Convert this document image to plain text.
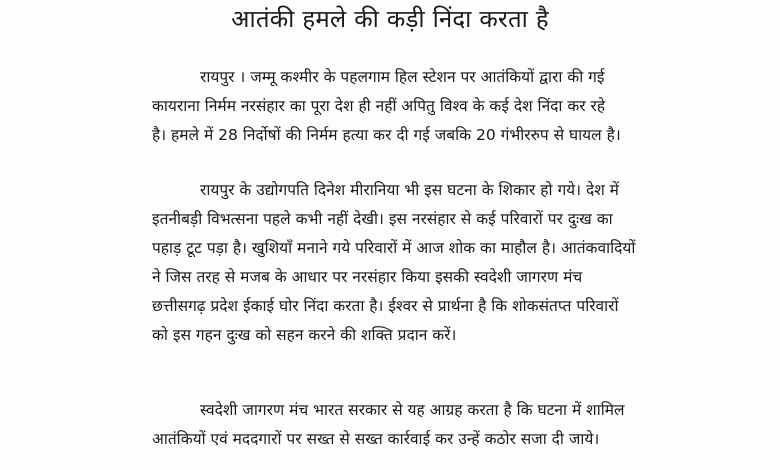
आतंकी हमले की कड़ी निंदा करता है

रायपुर । जम्मू कश्मीर के पहलगाम हिल स्टेशन पर आतंकियों द्वारा की गई
कायराना निर्मम नरसंहार का पूरा देश ही नहीं अपितु विश्व के कई देश निंदा कर रहे
है। हमले में 28 निर्दोषों की निर्मम हत्या कर दी गई जबकि 20 गंभीररुप से घायल है।

रायपुर के उद्योगपति दिनेश मीरानिया भी इस घटना के शिकार हो गये। देश में
इतनीबड़ी विभत्सना पहले कभी नहीं देखी। इस नरसंहार से कई परिवारों पर दुःख का
पहाड़ टूट पड़ा है। खुशियाँ मनाने गये परिवारों में आज शोक का माहौल है। आतंकवादियों
ने जिस तरह से मजब के आधार पर नरसंहार किया इसकी स्वदेशी जागरण मंच
छत्तीसगढ़ प्रदेश ईकाई घोर निंदा करता है। ईश्वर से प्रार्थना है कि शोकसंतप्त परिवारों
को इस गहन दुःख को सहन करने की शक्ति प्रदान करें।

स्वदेशी जागरण मंच भारत सरकार से यह आग्रह करता है कि घटना में शामिल
आतंकियों एवं मददगारों पर सख्त से सख्त कार्रवाई कर उन्हें कठोर सजा दी जाये।
